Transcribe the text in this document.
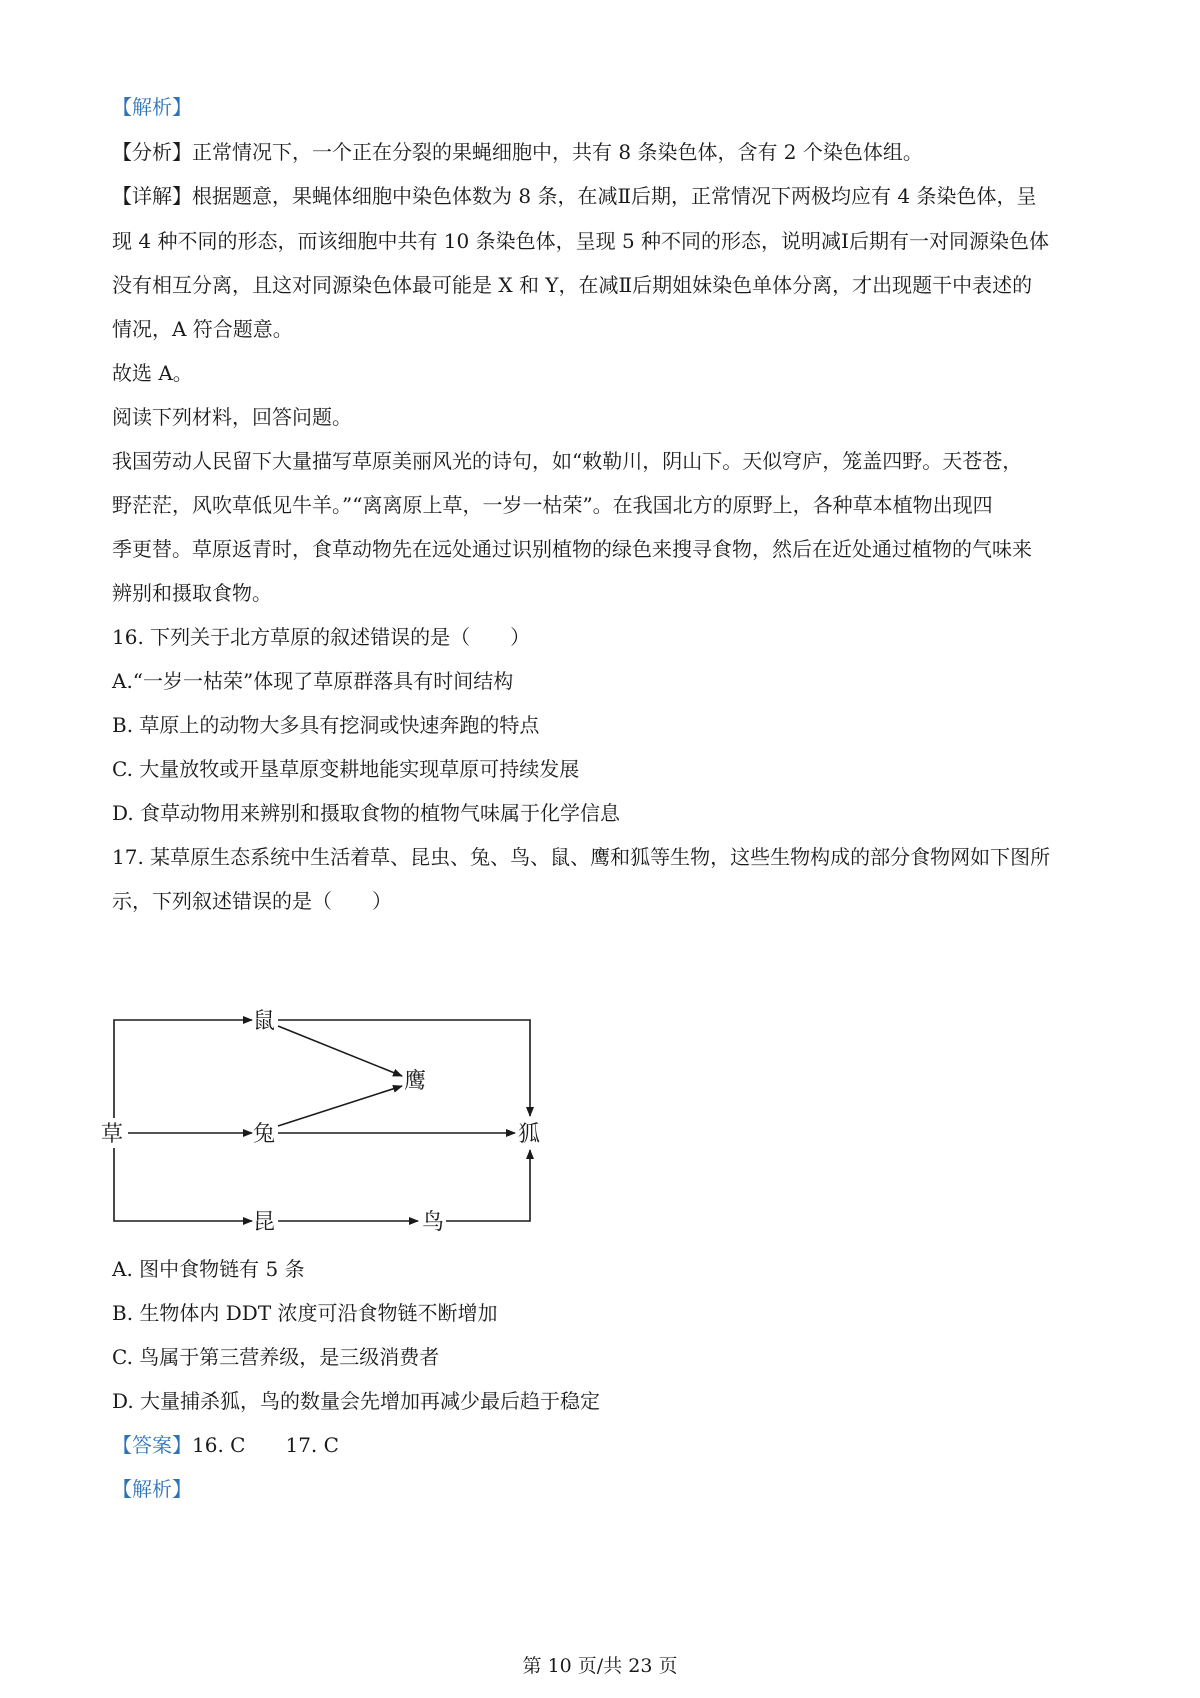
【解析】
【分析】正常情况下，一个正在分裂的果蝇细胞中，共有 8 条染色体，含有 2 个染色体组。
【详解】根据题意，果蝇体细胞中染色体数为 8 条，在减Ⅱ后期，正常情况下两极均应有 4 条染色体，呈
现 4 种不同的形态，而该细胞中共有 10 条染色体，呈现 5 种不同的形态，说明减Ⅰ后期有一对同源染色体
没有相互分离，且这对同源染色体最可能是 X 和 Y，在减Ⅱ后期姐妹染色单体分离，才出现题干中表述的
情况，A 符合题意。
故选 A。
阅读下列材料，回答问题。
我国劳动人民留下大量描写草原美丽风光的诗句，如“敕勒川，阴山下。天似穹庐，笼盖四野。天苍苍，
野茫茫，风吹草低见牛羊。”“离离原上草，一岁一枯荣”。在我国北方的原野上，各种草本植物出现四
季更替。草原返青时，食草动物先在远处通过识别植物的绿色来搜寻食物，然后在近处通过植物的气味来
辨别和摄取食物。
16. 下列关于北方草原的叙述错误的是（　　）
A.“一岁一枯荣”体现了草原群落具有时间结构
B. 草原上的动物大多具有挖洞或快速奔跑的特点
C. 大量放牧或开垦草原变耕地能实现草原可持续发展
D. 食草动物用来辨别和摄取食物的植物气味属于化学信息
17. 某草原生态系统中生活着草、昆虫、兔、鸟、鼠、鹰和狐等生物，这些生物构成的部分食物网如下图所
示，下列叙述错误的是（　　）
草
鼠
兔
昆
鹰
狐
鸟
A. 图中食物链有 5 条
B. 生物体内 DDT 浓度可沿食物链不断增加
C. 鸟属于第三营养级，是三级消费者
D. 大量捕杀狐，鸟的数量会先增加再减少最后趋于稳定
【答案】16. C　　17. C
【解析】
第 10 页/共 23 页
